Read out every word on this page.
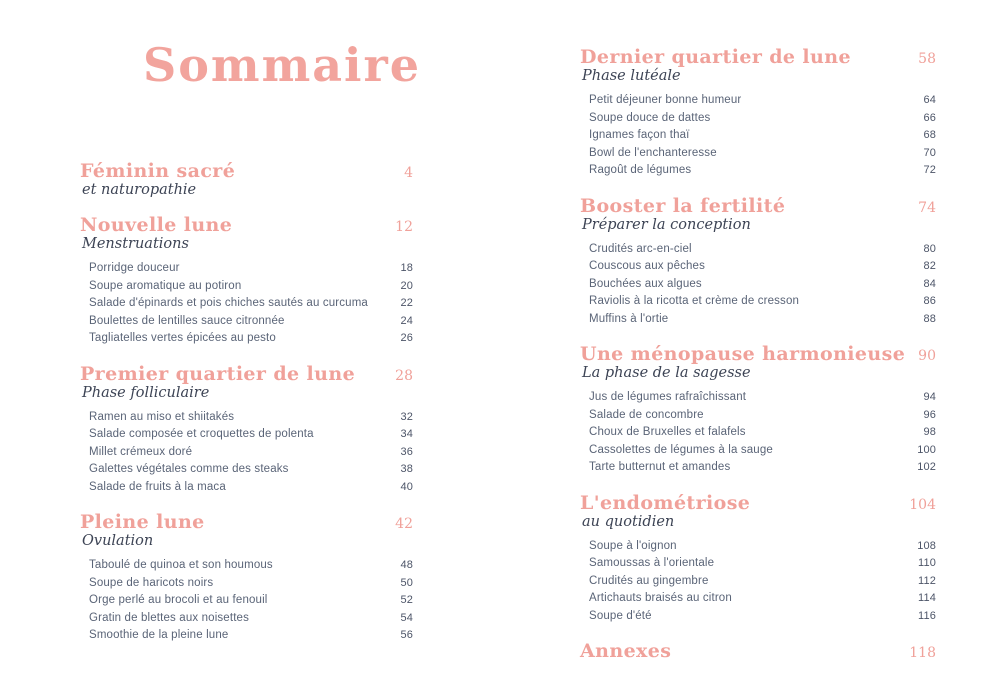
Sommaire
Féminin sacré	4
et naturopathie
Nouvelle lune	12
Menstruations
Porridge douceur	18
Soupe aromatique au potiron	20
Salade d'épinards et pois chiches sautés au curcuma	22
Boulettes de lentilles sauce citronnée	24
Tagliatelles vertes épicées au pesto	26
Premier quartier de lune	28
Phase folliculaire
Ramen au miso et shiitakés	32
Salade composée et croquettes de polenta	34
Millet crémeux doré	36
Galettes végétales comme des steaks	38
Salade de fruits à la maca	40
Pleine lune	42
Ovulation
Taboulé de quinoa et son houmous	48
Soupe de haricots noirs	50
Orge perlé au brocoli et au fenouil	52
Gratin de blettes aux noisettes	54
Smoothie de la pleine lune	56
Dernier quartier de lune	58
Phase lutéale
Petit déjeuner bonne humeur	64
Soupe douce de dattes	66
Ignames façon thaï	68
Bowl de l'enchanteresse	70
Ragoût de légumes	72
Booster la fertilité	74
Préparer la conception
Crudités arc-en-ciel	80
Couscous aux pêches	82
Bouchées aux algues	84
Raviolis à la ricotta et crème de cresson	86
Muffins à l'ortie	88
Une ménopause harmonieuse 90
La phase de la sagesse
Jus de légumes rafraîchissant	94
Salade de concombre	96
Choux de Bruxelles et falafels	98
Cassolettes de légumes à la sauge	100
Tarte butternut et amandes	102
L'endométriose	104
au quotidien
Soupe à l'oignon	108
Samoussas à l'orientale	110
Crudités au gingembre	112
Artichauts braisés au citron	114
Soupe d'été	116
Annexes	118
